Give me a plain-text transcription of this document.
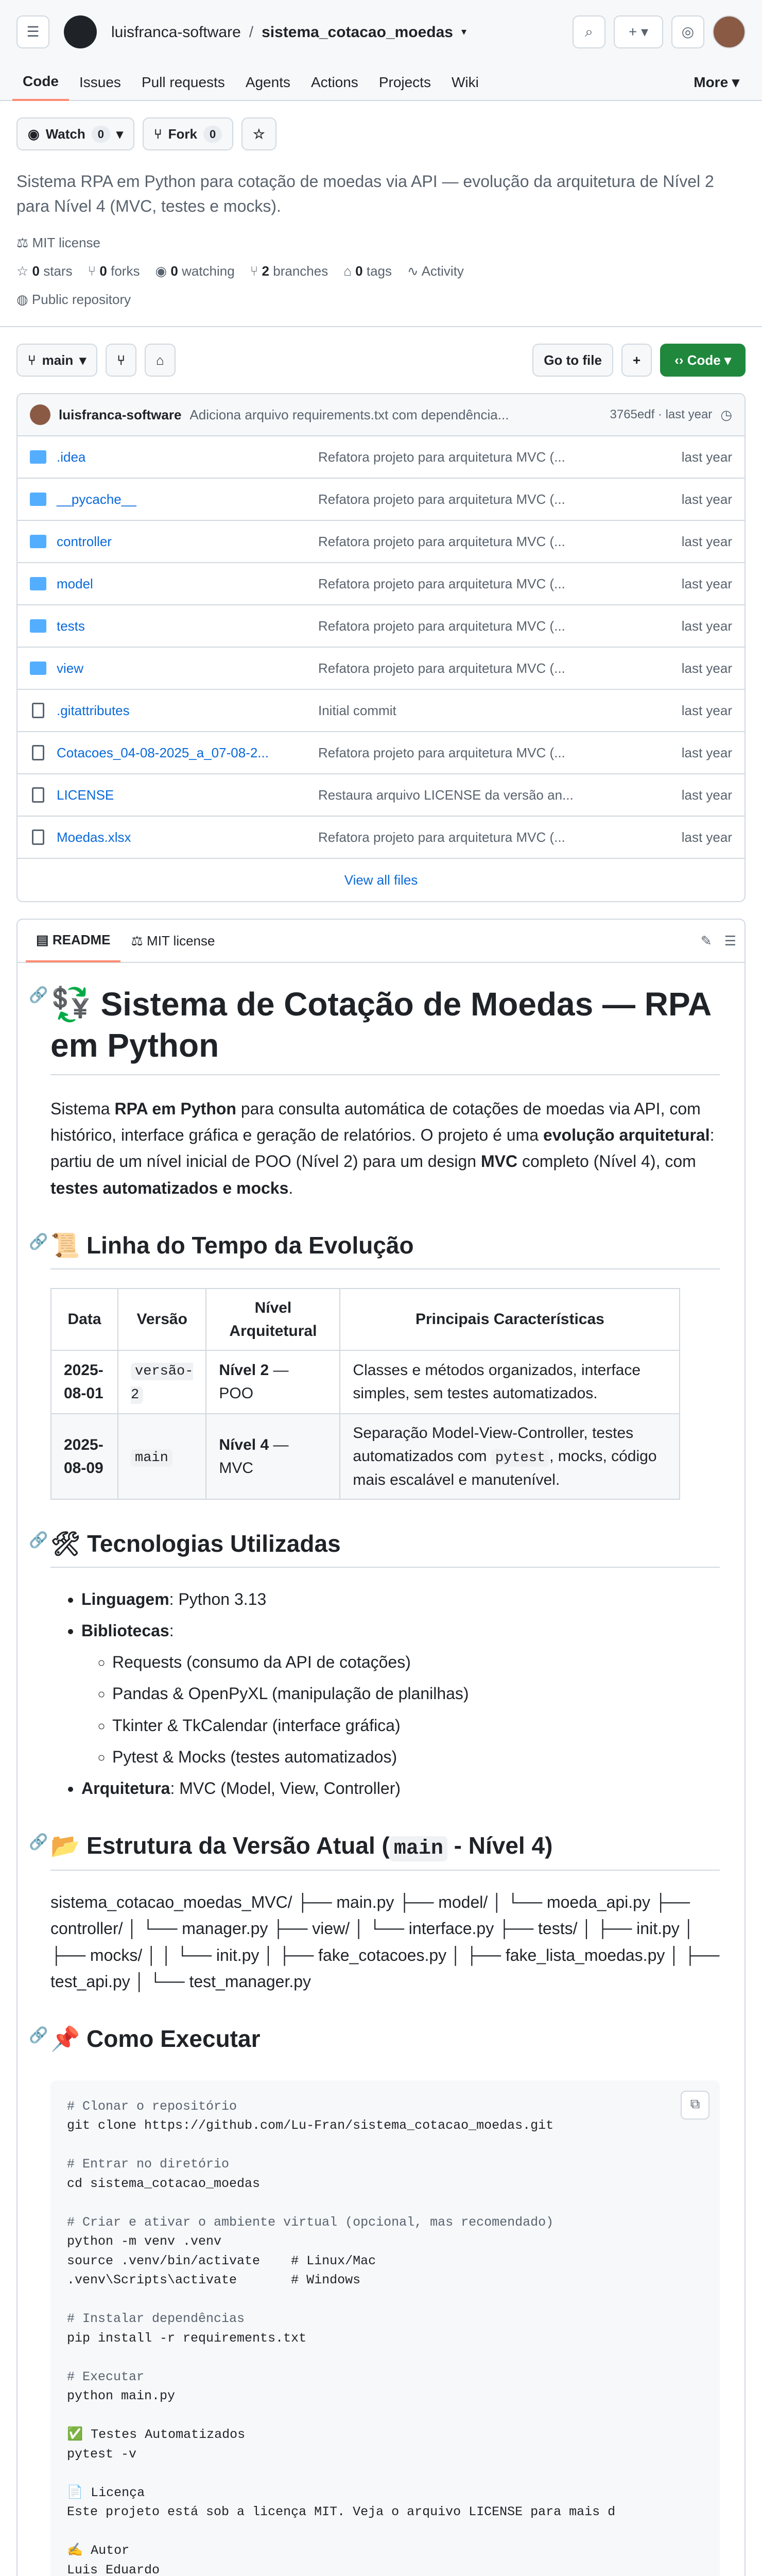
☰	luisfranca-software / sistema_cotacao_moedas ▾	⌕	+ ▾	◎
Code	Issues	Pull requests	Agents	Actions	Projects	Wiki	More ▾
◉ Watch	0 ▾	⑂ Fork	0	☆
Sistema RPA em Python para cotação de moedas via API — evolução da arquitetura de Nível 2 para Nível 4 (MVC, testes e mocks).
⚖ MIT license
☆ 0 stars ⑂ 0 forks ◉ 0 watching ⑂ 2 branches ⌂ 0 tags ∿ Activity
◍ Public repository
⑂ main ▾	⑂ ⌂	Go to file	+	‹›
Code ▾
luisfranca-software Adiciona arquivo requirements.txt com dependência...	3765edf · last year ◷
.idea	Refatora projeto para arquitetura MVC (...	last year
__pycache__	Refatora projeto para arquitetura MVC (...	last year
controller	Refatora projeto para arquitetura MVC (...	last year
model	Refatora projeto para arquitetura MVC (...	last year
tests	Refatora projeto para arquitetura MVC (...	last year
view	Refatora projeto para arquitetura MVC (...	last year
.gitattributes	Initial commit	last year
Cotacoes_04-08-2025_a_07-08-2...	Refatora projeto para arquitetura MVC (...	last year
LICENSE	Restaura arquivo LICENSE da versão an...	last year
Moedas.xlsx	Refatora projeto para arquitetura MVC (...	last year
View all files
▤
README ⚖
MIT license	✎ ☰
🔗 💱 Sistema de Cotação de Moedas — RPA em Python

Sistema RPA em Python para consulta automática de cotações de moedas via API, com histórico, interface gráfica e geração de relatórios. O projeto é uma evolução arquitetural: partiu de um nível inicial de POO (Nível 2) para um design MVC completo (Nível 4), com testes automatizados e mocks.

🔗 📜 Linha do Tempo da Evolução
Data	Versão	Nível Arquitetural	Principais Características
2025-08-01	versão-2	Nível 2 — POO	Classes e métodos organizados, interface simples, sem testes automatizados.
2025-08-09	main	Nível 4 — MVC	Separação Model-View-Controller, testes automatizados com pytest , mocks, código mais escalável e manutenível.
🔗 🛠 Tecnologias Utilizadas
• Linguagem: Python 3.13
• Bibliotecas:
◦ Requests (consumo da API de cotações)
◦ Pandas & OpenPyXL (manipulação de planilhas)
◦ Tkinter & TkCalendar (interface gráfica)
◦ Pytest & Mocks (testes automatizados)
• Arquitetura: MVC (Model, View, Controller)
🔗 📂 Estrutura da Versão Atual ( main - Nível 4)

sistema_cotacao_moedas_MVC/ ├── main.py ├── model/ │ └── moeda_api.py ├── controller/ │ └── manager.py ├── view/ │ └── interface.py ├── tests/ │ ├── init.py │ ├── mocks/ │ │ └── init.py │ ├── fake_cotacoes.py │ ├── fake_lista_moedas.py │ ├── test_api.py │ └── test_manager.py

🔗 📌 Como Executar
⧉
# Clonar o repositório
git clone https://github.com/Lu-Fran/sistema_cotacao_moedas.git
# Entrar no diretório
cd sistema_cotacao_moedas
# Criar e ativar o ambiente virtual (opcional, mas recomendado)
python -m venv .venv
source .venv/bin/activate    # Linux/Mac
.venv\Scripts\activate       # Windows
# Instalar dependências
pip install -r requirements.txt
# Executar
python main.py
✅ Testes Automatizados
pytest -v
📄 Licença
Este projeto está sob a licença MIT. Veja o arquivo LICENSE para mais d
✍ Autor
Luis Eduardo
